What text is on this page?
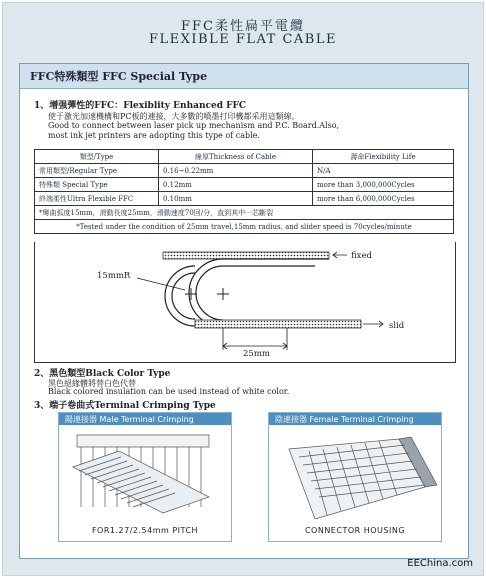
FFC柔性扁平電纜
FLEXIBLE FLAT CABLE
FFC特殊類型 FFC Special Type
1、增强彈性的FFC：Flexiblity Enhanced FFC
使于激光加速機構和PC板的連接，大多數的噴墨打印機都采用這類線。
Good to connect between laser pick up mechanism and P.C. Board.Also,
most ink jet printers are adopting this type of cable.
類型/Type	線厚Thickness of Cable	壽命Flexibility Life
常用類型/Regular Type	0.16~0.22mm	N/A
特殊類 Special Type	0.12mm	more than 3,000,000Cycles
終端柔性Ultra Flexible FFC	0.10mm	more than 6,000,000Cycles
*彎曲弧度15mm，滑動長度25mm，滑動速度70回/分，直到其中一芯斷裂		
*Tested under the condition of 25mm travel,15mm radius, and slider speed is 70cycles/minute		
15mmR
fixed
slid
25mm
2、黑色類型Black Color Type
黑色絕緣體將替白色代替
Black colored insulation can be used instead of white color.
3、端子卷曲式Terminal Crimping Type
陽連接器 Male Terminal Crimping
FOR1.27/2.54mm PITCH
陰連接器 Female Terminal Crimping
CONNECTOR HOUSING
EEChina.com
